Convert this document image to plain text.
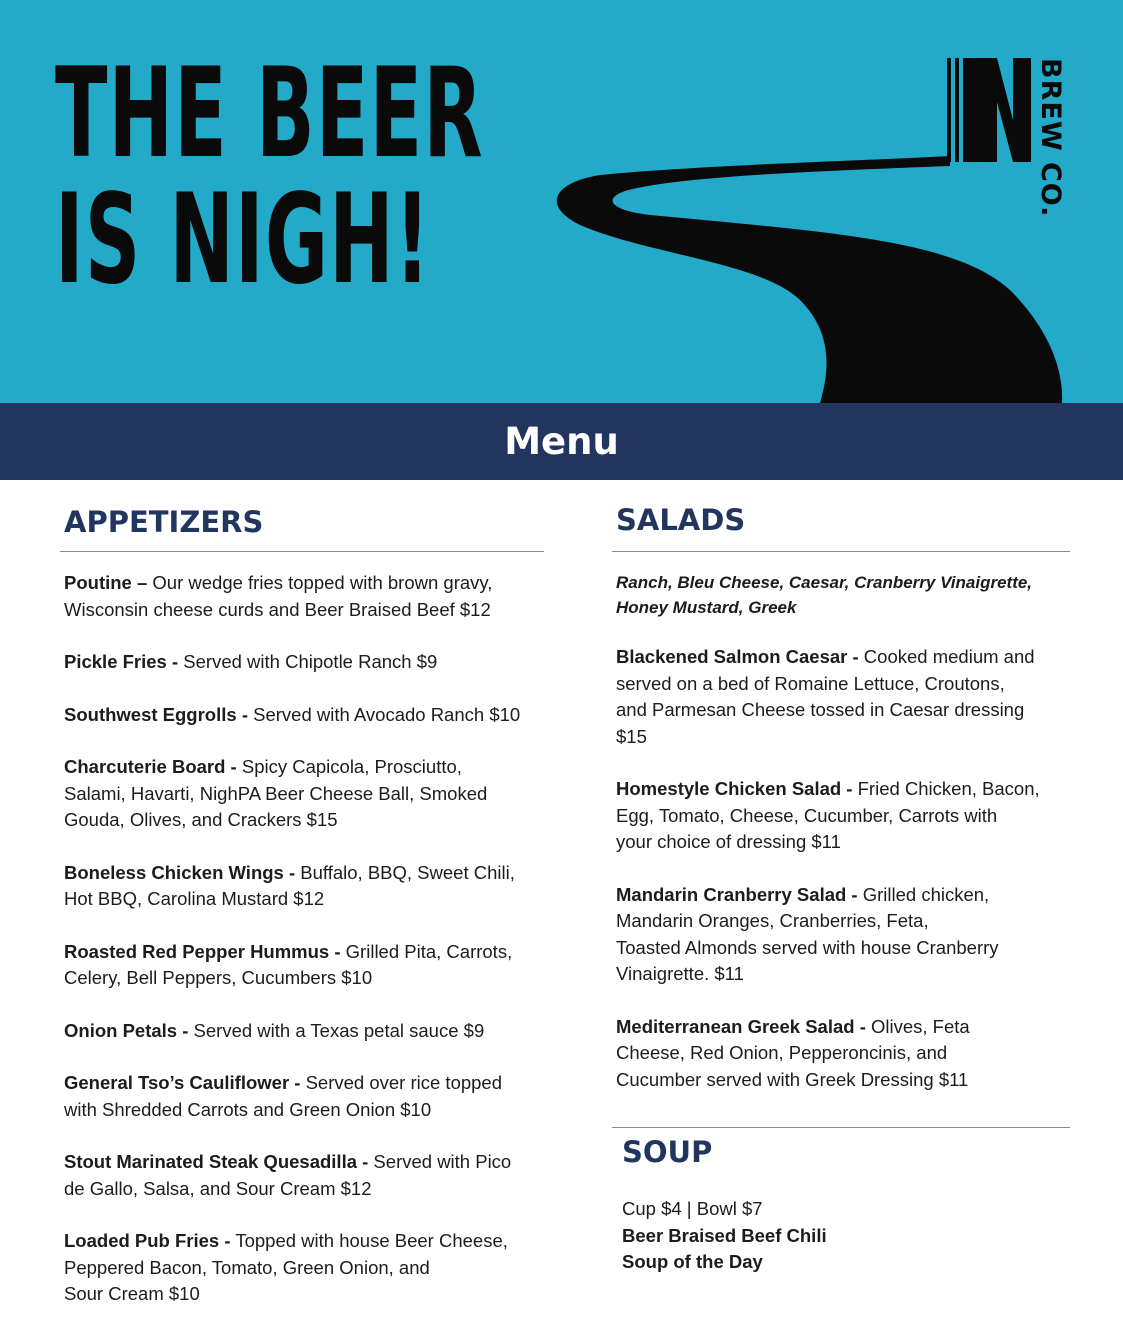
THE BEER
IS NIGH!
BREW CO.
Menu
APPETIZERS

Poutine – Our wedge fries topped with brown gravy,

Wisconsin cheese curds and Beer Braised Beef $12

Pickle Fries - Served with Chipotle Ranch $9

Southwest Eggrolls - Served with Avocado Ranch $10

Charcuterie Board - Spicy Capicola, Prosciutto,

Salami, Havarti, NighPA Beer Cheese Ball, Smoked

Gouda, Olives, and Crackers $15

Boneless Chicken Wings - Buffalo, BBQ, Sweet Chili,

Hot BBQ, Carolina Mustard $12

Roasted Red Pepper Hummus - Grilled Pita, Carrots,

Celery, Bell Peppers, Cucumbers $10

Onion Petals - Served with a Texas petal sauce $9

General Tso’s Cauliflower - Served over rice topped

with Shredded Carrots and Green Onion $10

Stout Marinated Steak Quesadilla - Served with Pico

de Gallo, Salsa, and Sour Cream $12

Loaded Pub Fries - Topped with house Beer Cheese,

Peppered Bacon, Tomato, Green Onion, and

Sour Cream $10

SALADS

Ranch, Bleu Cheese, Caesar, Cranberry Vinaigrette,

Honey Mustard, Greek

Blackened Salmon Caesar - Cooked medium and

served on a bed of Romaine Lettuce, Croutons,

and Parmesan Cheese tossed in Caesar dressing

$15

Homestyle Chicken Salad - Fried Chicken, Bacon,

Egg, Tomato, Cheese, Cucumber, Carrots with

your choice of dressing $11

Mandarin Cranberry Salad - Grilled chicken,

Mandarin Oranges, Cranberries, Feta,

Toasted Almonds served with house Cranberry

Vinaigrette. $11

Mediterranean Greek Salad - Olives, Feta

Cheese, Red Onion, Pepperoncinis, and

Cucumber served with Greek Dressing $11

SOUP

Cup $4 | Bowl $7

Beer Braised Beef Chili

Soup of the Day
